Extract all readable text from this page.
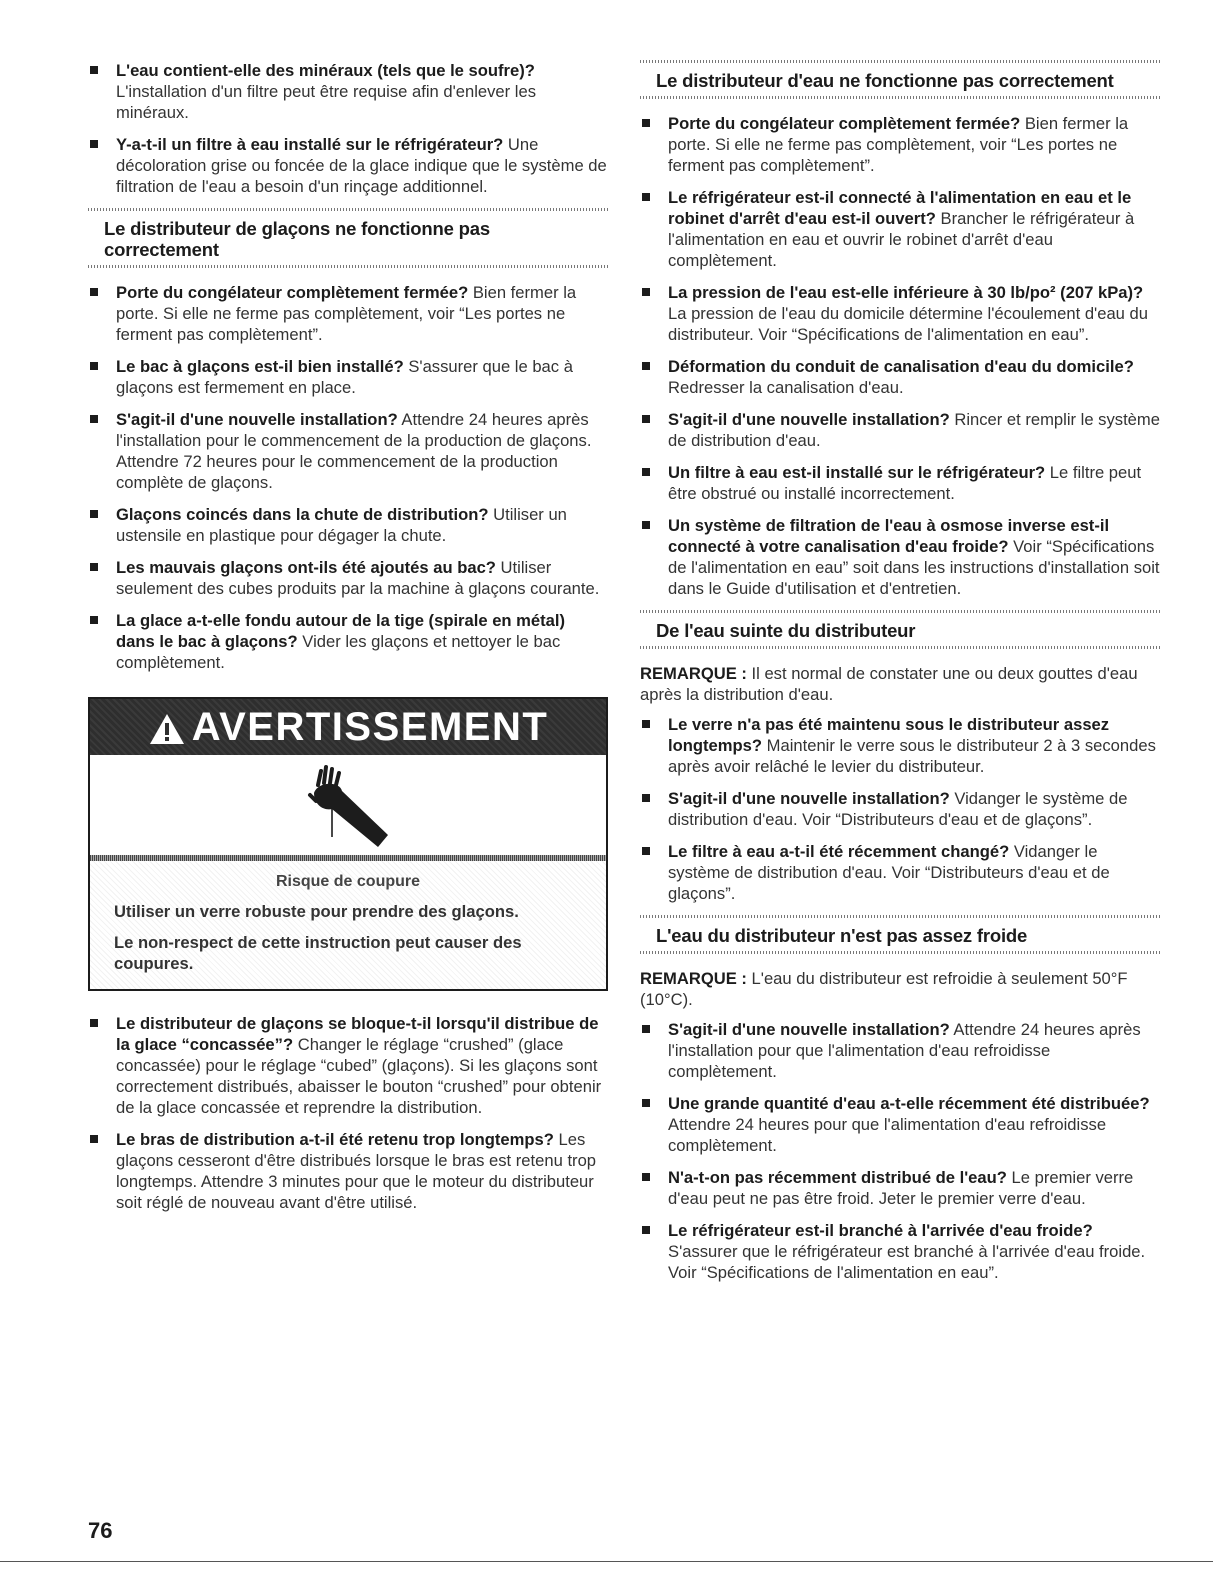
L'eau contient-elle des minéraux (tels que le soufre)?
L'installation d'un filtre peut être requise afin d'enlever les minéraux.
Y-a-t-il un filtre à eau installé sur le réfrigérateur? Une décoloration grise ou foncée de la glace indique que le système de filtration de l'eau a besoin d'un rinçage additionnel.
Le distributeur de glaçons ne fonctionne pas correctement
Porte du congélateur complètement fermée? Bien fermer la porte. Si elle ne ferme pas complètement, voir “Les portes ne ferment pas complètement”.
Le bac à glaçons est-il bien installé? S'assurer que le bac à glaçons est fermement en place.
S'agit-il d'une nouvelle installation? Attendre 24 heures après l'installation pour le commencement de la production de glaçons. Attendre 72 heures pour le commencement de la production complète de glaçons.
Glaçons coincés dans la chute de distribution? Utiliser un ustensile en plastique pour dégager la chute.
Les mauvais glaçons ont-ils été ajoutés au bac? Utiliser seulement des cubes produits par la machine à glaçons courante.
La glace a-t-elle fondu autour de la tige (spirale en métal) dans le bac à glaçons? Vider les glaçons et nettoyer le bac complètement.
AVERTISSEMENT
Risque de coupure
Utiliser un verre robuste pour prendre des glaçons.
Le non-respect de cette instruction peut causer des coupures.
Le distributeur de glaçons se bloque-t-il lorsqu'il distribue de la glace “concassée”? Changer le réglage “crushed” (glace concassée) pour le réglage “cubed” (glaçons). Si les glaçons sont correctement distribués, abaisser le bouton “crushed” pour obtenir de la glace concassée et reprendre la distribution.
Le bras de distribution a-t-il été retenu trop longtemps? Les glaçons cesseront d'être distribués lorsque le bras est retenu trop longtemps. Attendre 3 minutes pour que le moteur du distributeur soit réglé de nouveau avant d'être utilisé.
Le distributeur d'eau ne fonctionne pas correctement
Porte du congélateur complètement fermée? Bien fermer la porte. Si elle ne ferme pas complètement, voir “Les portes ne ferment pas complètement”.
Le réfrigérateur est-il connecté à l'alimentation en eau et le robinet d'arrêt d'eau est-il ouvert? Brancher le réfrigérateur à l'alimentation en eau et ouvrir le robinet d'arrêt d'eau complètement.
La pression de l'eau est-elle inférieure à 30 lb/po² (207 kPa)? La pression de l'eau du domicile détermine l'écoulement d'eau du distributeur. Voir “Spécifications de l'alimentation en eau”.
Déformation du conduit de canalisation d'eau du domicile? Redresser la canalisation d'eau.
S'agit-il d'une nouvelle installation? Rincer et remplir le système de distribution d'eau.
Un filtre à eau est-il installé sur le réfrigérateur? Le filtre peut être obstrué ou installé incorrectement.
Un système de filtration de l'eau à osmose inverse est-il connecté à votre canalisation d'eau froide? Voir “Spécifications de l'alimentation en eau” soit dans les instructions d'installation soit dans le Guide d'utilisation et d'entretien.
De l'eau suinte du distributeur
REMARQUE : Il est normal de constater une ou deux gouttes d'eau après la distribution d'eau.
Le verre n'a pas été maintenu sous le distributeur assez longtemps? Maintenir le verre sous le distributeur 2 à 3 secondes après avoir relâché le levier du distributeur.
S'agit-il d'une nouvelle installation? Vidanger le système de distribution d'eau. Voir “Distributeurs d'eau et de glaçons”.
Le filtre à eau a-t-il été récemment changé? Vidanger le système de distribution d'eau. Voir “Distributeurs d'eau et de glaçons”.
L'eau du distributeur n'est pas assez froide
REMARQUE : L'eau du distributeur est refroidie à seulement 50°F (10°C).
S'agit-il d'une nouvelle installation? Attendre 24 heures après l'installation pour que l'alimentation d'eau refroidisse complètement.
Une grande quantité d'eau a-t-elle récemment été distribuée? Attendre 24 heures pour que l'alimentation d'eau refroidisse complètement.
N'a-t-on pas récemment distribué de l'eau? Le premier verre d'eau peut ne pas être froid. Jeter le premier verre d'eau.
Le réfrigérateur est-il branché à l'arrivée d'eau froide? S'assurer que le réfrigérateur est branché à l'arrivée d'eau froide. Voir “Spécifications de l'alimentation en eau”.
76
